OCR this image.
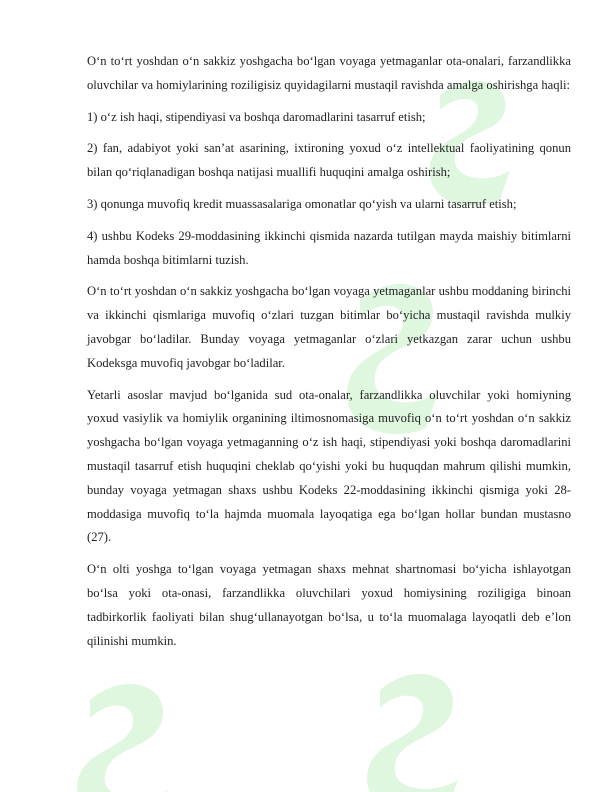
O‘n to‘rt yoshdan o‘n sakkiz yoshgacha bo‘lgan voyaga yetmaganlar ota-onalari, farzandlikka oluvchilar va homiylarining roziligisiz quyidagilarni mustaqil ravishda amalga oshirishga haqli:

1) o‘z ish haqi, stipendiyasi va boshqa daromadlarini tasarruf etish;

2) fan, adabiyot yoki san’at asarining, ixtironing yoxud o‘z intellektual faoliyatining qonun bilan qo‘riqlanadigan boshqa natijasi muallifi huquqini amalga oshirish;

3) qonunga muvofiq kredit muassasalariga omonatlar qo‘yish va ularni tasarruf etish;

4) ushbu Kodeks 29-moddasining ikkinchi qismida nazarda tutilgan mayda maishiy bitimlarni hamda boshqa bitimlarni tuzish.

O‘n to‘rt yoshdan o‘n sakkiz yoshgacha bo‘lgan voyaga yetmaganlar ushbu moddaning birinchi va ikkinchi qismlariga muvofiq o‘zlari tuzgan bitimlar bo‘yicha mustaqil ravishda mulkiy javobgar bo‘ladilar. Bunday voyaga yetmaganlar o‘zlari yetkazgan zarar uchun ushbu Kodeksga muvofiq javobgar bo‘ladilar.

Yetarli asoslar mavjud bo‘lganida sud ota-onalar, farzandlikka oluvchilar yoki homiyning yoxud vasiylik va homiylik organining iltimosnomasiga muvofiq o‘n to‘rt yoshdan o‘n sakkiz yoshgacha bo‘lgan voyaga yetmaganning o‘z ish haqi, stipendiyasi yoki boshqa daromadlarini mustaqil tasarruf etish huquqini cheklab qo‘yishi yoki bu huquqdan mahrum qilishi mumkin, bunday voyaga yetmagan shaxs ushbu Kodeks 22-moddasining ikkinchi qismiga yoki 28-moddasiga muvofiq to‘la hajmda muomala layoqatiga ega bo‘lgan hollar bundan mustasno (27).

O‘n olti yoshga to‘lgan voyaga yetmagan shaxs mehnat shartnomasi bo‘yicha ishlayotgan bo‘lsa yoki ota-onasi, farzandlikka oluvchilari yoxud homiysining roziligiga binoan tadbirkorlik faoliyati bilan shug‘ullanayotgan bo‘lsa, u to‘la muomalaga layoqatli deb e’lon qilinishi mumkin.
